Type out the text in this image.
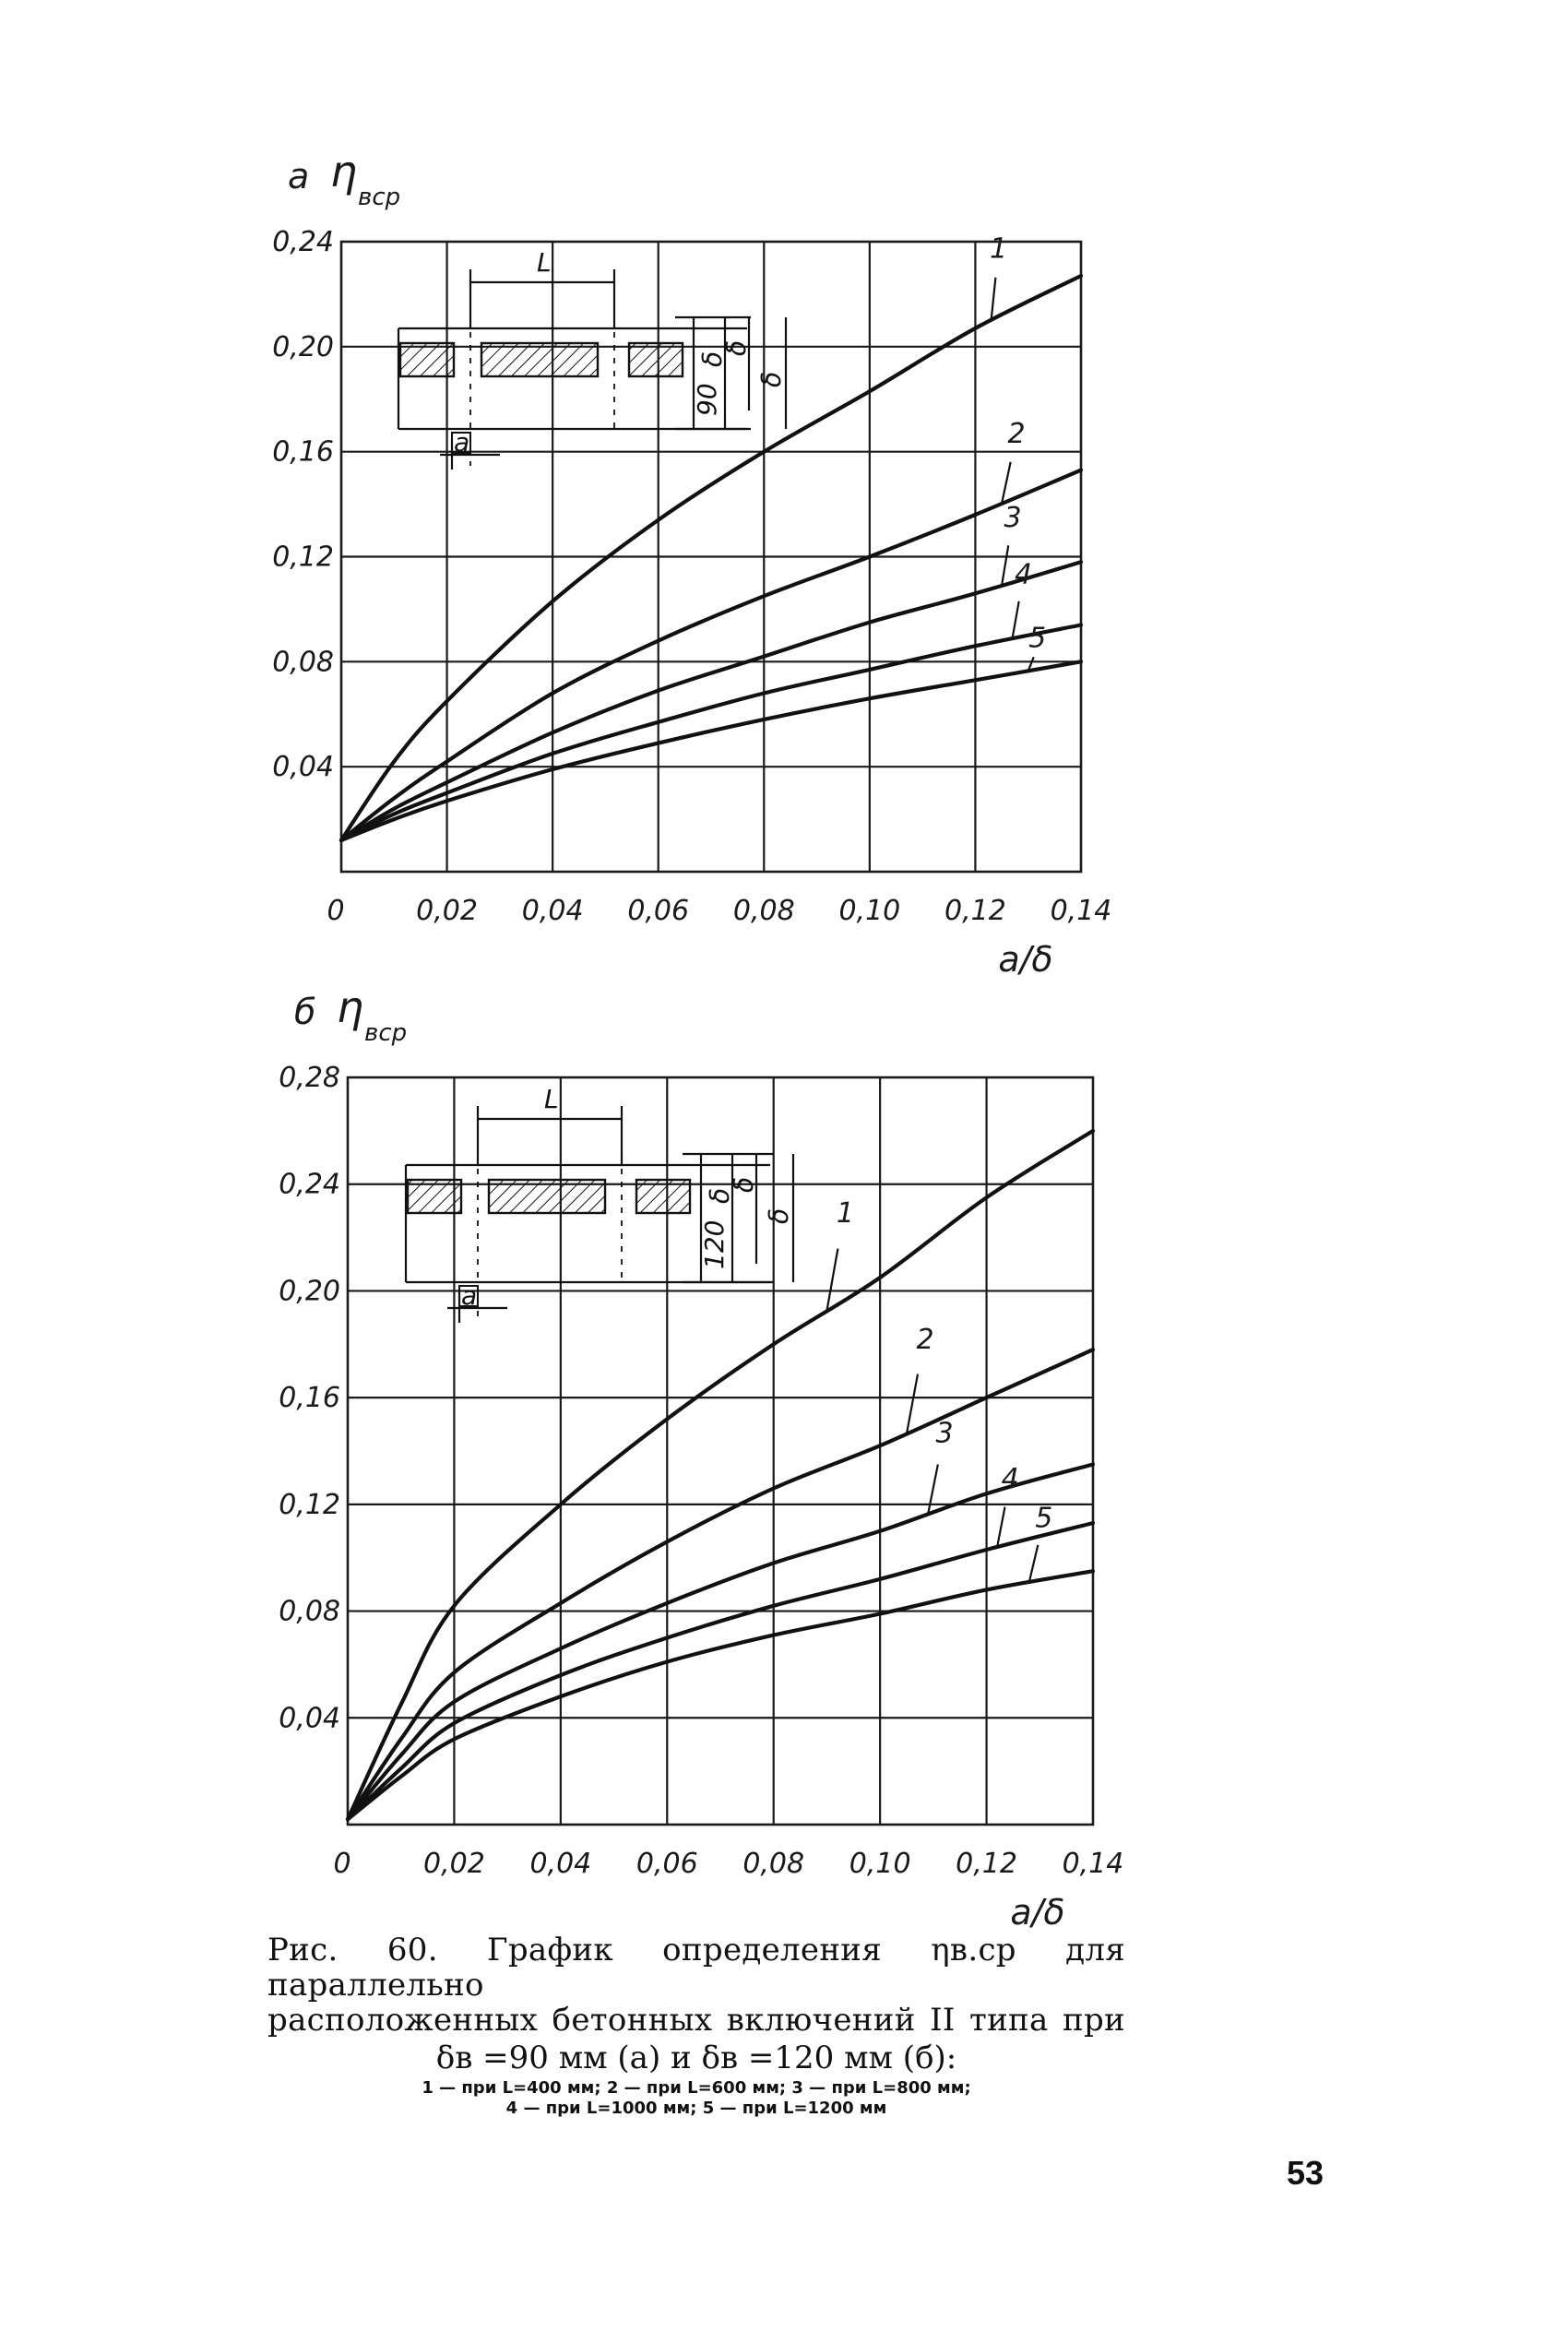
0,04
0,08
0,12
0,16
0,20
0,24
0	0,02 0,04 0,06 0,08 0,10 0,12 0,14
а η
вср
a/δ
L
a
90
δ
δ
δ
1
2
3
4
5
0,04
0,08
0,12
0,16
0,20
0,24
0,28
0	0,02 0,04 0,06 0,08 0,10 0,12 0,14
б η
вср
a/δ
L
a
120
δ
δ
δ 1
2
3
4
5
Рис. 60. График определения ηв.ср для параллельно
расположенных бетонных включений II типа при
δв =90 мм (а) и δв =120 мм (б):
1 — при L=400 мм; 2 — при L=600 мм; 3 — при L=800 мм;
4 — при L=1000 мм; 5 — при L=1200 мм
53
